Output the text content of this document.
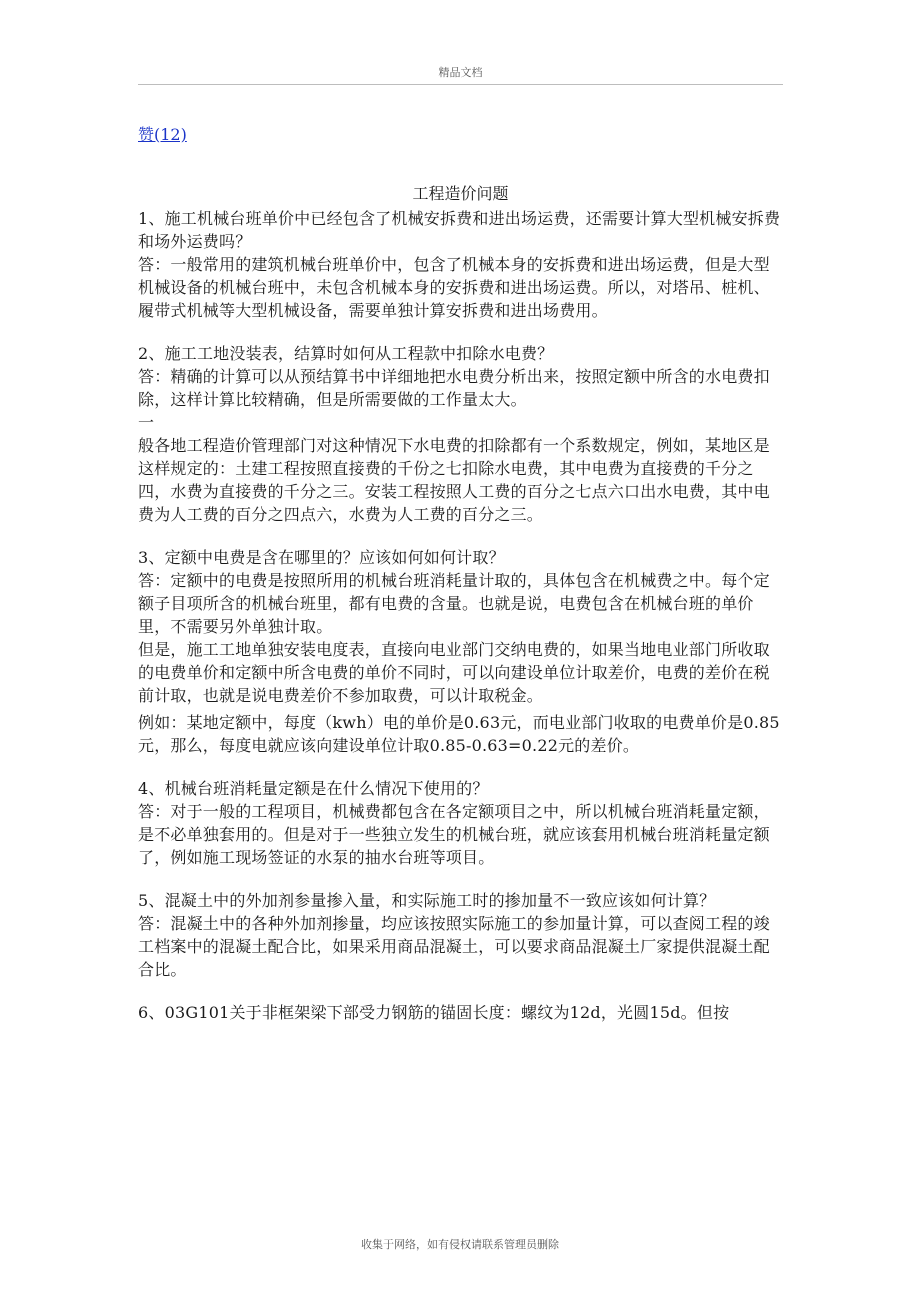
精品文档
赞(12)
工程造价问题

1、施工机械台班单价中已经包含了机械安拆费和进出场运费，还需要计算大型机械安拆费和场外运费吗？

答：一般常用的建筑机械台班单价中，包含了机械本身的安拆费和进出场运费，但是大型机械设备的机械台班中，未包含机械本身的安拆费和进出场运费。所以，对塔吊、桩机、履带式机械等大型机械设备，需要单独计算安拆费和进出场费用。

2、施工工地没装表，结算时如何从工程款中扣除水电费？

答：精确的计算可以从预结算书中详细地把水电费分析出来，按照定额中所含的水电费扣除，这样计算比较精确，但是所需要做的工作量太大。

一

般各地工程造价管理部门对这种情况下水电费的扣除都有一个系数规定，例如，某地区是这样规定的：土建工程按照直接费的千份之七扣除水电费，其中电费为直接费的千分之四，水费为直接费的千分之三。安装工程按照人工费的百分之七点六口出水电费，其中电费为人工费的百分之四点六，水费为人工费的百分之三。

3、定额中电费是含在哪里的？应该如何如何计取？

答：定额中的电费是按照所用的机械台班消耗量计取的，具体包含在机械费之中。每个定额子目项所含的机械台班里，都有电费的含量。也就是说，电费包含在机械台班的单价里，不需要另外单独计取。

但是，施工工地单独安装电度表，直接向电业部门交纳电费的，如果当地电业部门所收取的电费单价和定额中所含电费的单价不同时，可以向建设单位计取差价，电费的差价在税前计取，也就是说电费差价不参加取费，可以计取税金。

例如：某地定额中，每度（kwh）电的单价是0.63元，而电业部门收取的电费单价是0.85元，那么，每度电就应该向建设单位计取0.85-0.63=0.22元的差价。

4、机械台班消耗量定额是在什么情况下使用的？

答：对于一般的工程项目，机械费都包含在各定额项目之中，所以机械台班消耗量定额，是不必单独套用的。但是对于一些独立发生的机械台班，就应该套用机械台班消耗量定额了，例如施工现场签证的水泵的抽水台班等项目。

5、混凝土中的外加剂参量掺入量，和实际施工时的掺加量不一致应该如何计算？

答：混凝土中的各种外加剂掺量，均应该按照实际施工的参加量计算，可以查阅工程的竣工档案中的混凝土配合比，如果采用商品混凝土，可以要求商品混凝土厂家提供混凝土配合比。

6、03G101关于非框架梁下部受力钢筋的锚固长度：螺纹为12d，光圆15d。但按

收集于网络，如有侵权请联系管理员删除
